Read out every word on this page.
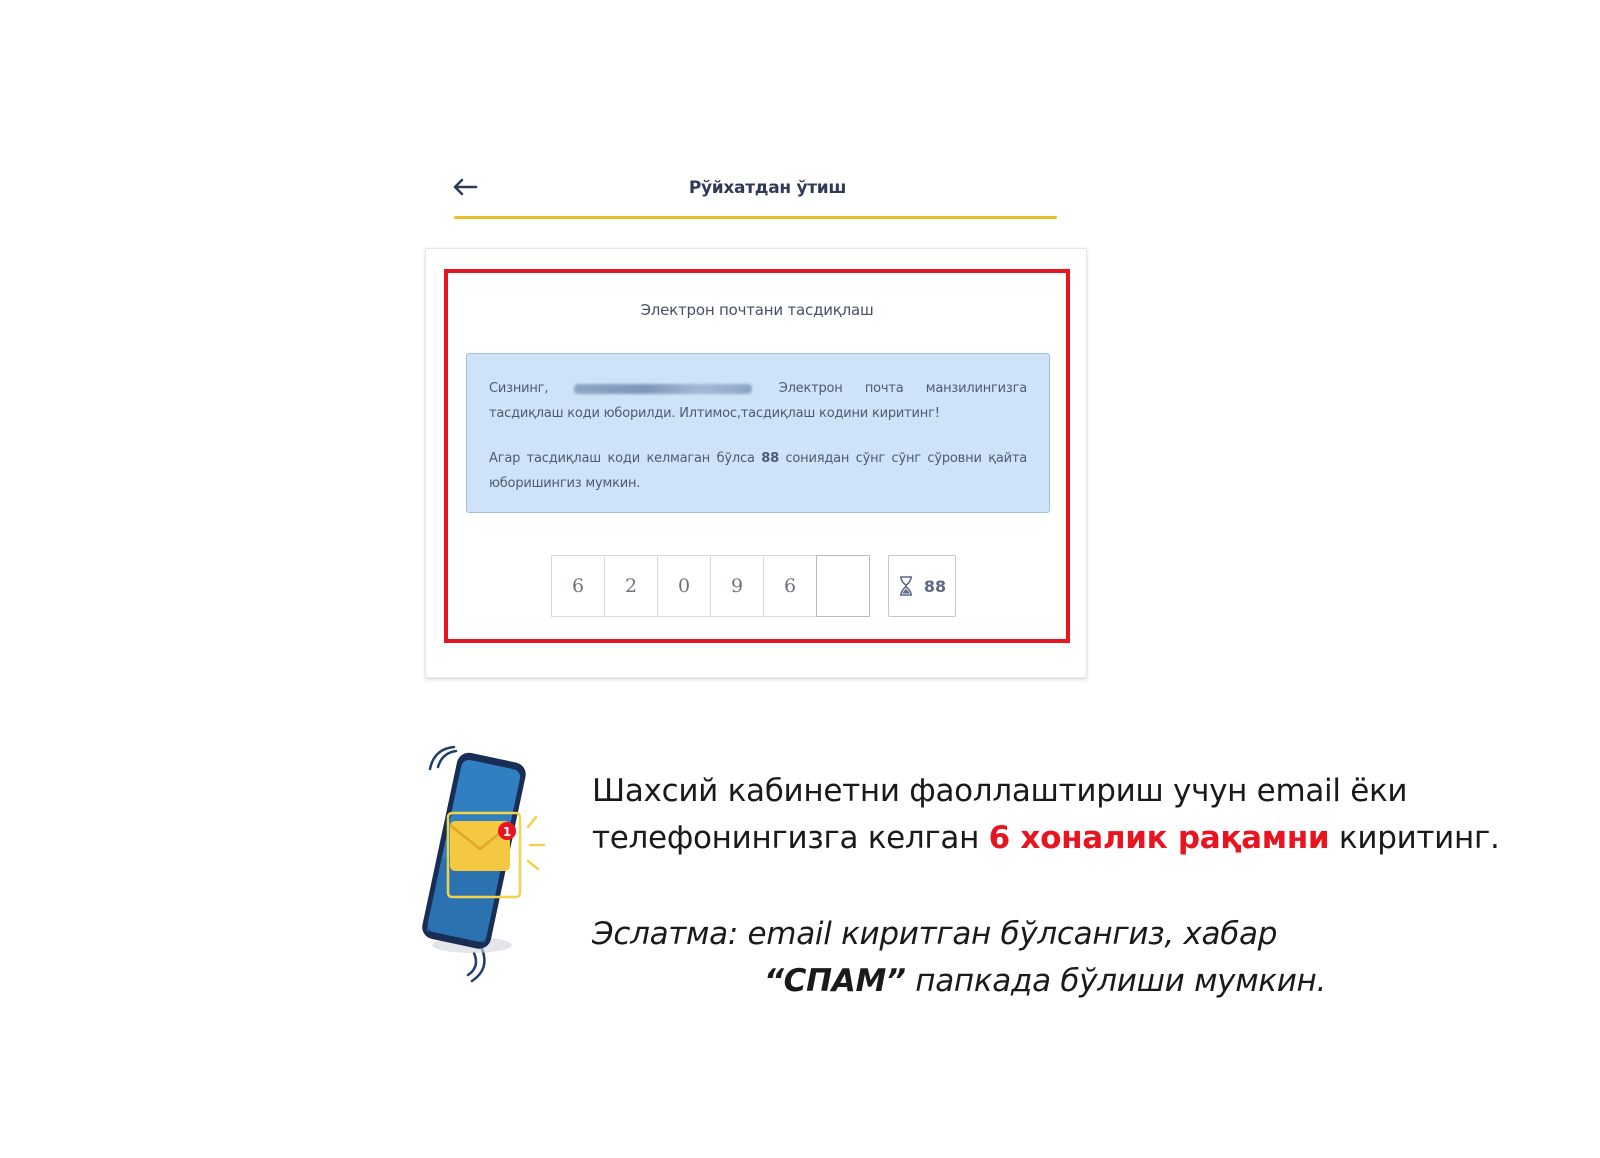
Рўйхатдан ўтиш
Электрон почтани тасдиқлаш

Сизнинг,	Электрон почта манзилингизга тасдиқлаш коди юборилди. Илтимос,тасдиқлаш кодини киритинг!

Агар тасдиқлаш коди келмаган бўлса 88 сониядан сўнг сўнг сўровни қайта юборишингиз мумкин.

6	2	0	9	6	88
1
Шахсий кабинетни фаоллаштириш учун email ёки телефонингизга келган 6 хоналик рақамни киритинг.
Эслатма: email киритган бўлсангиз, хабар
“СПАМ” папкада бўлиши мумкин.
